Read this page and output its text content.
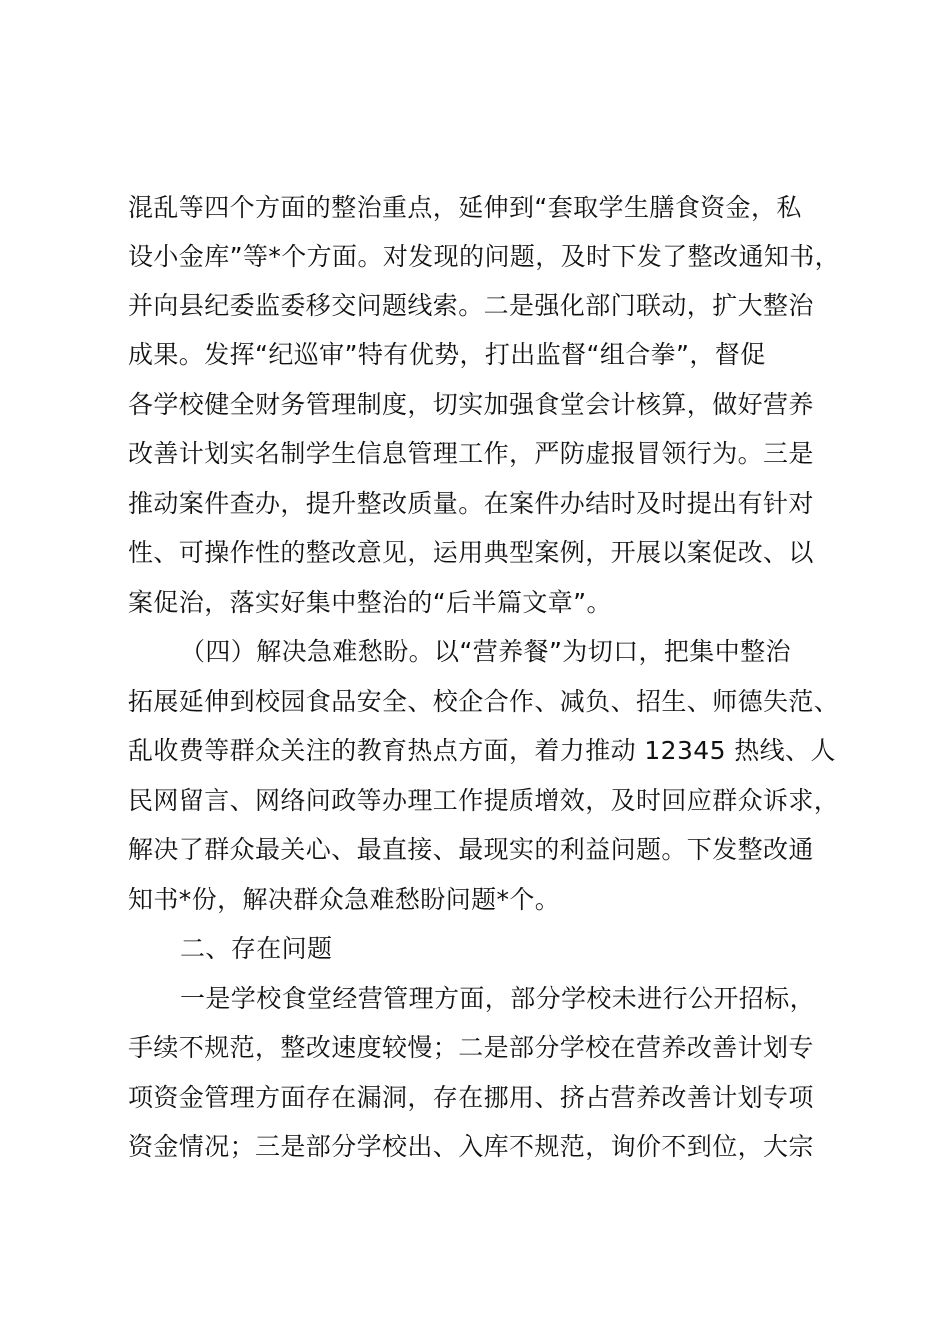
混乱等四个方面的整治重点，延伸到“套取学生膳食资金，私
设小金库”等*个方面。对发现的问题，及时下发了整改通知书，
并向县纪委监委移交问题线索。二是强化部门联动，扩大整治
成果。发挥“纪巡审”特有优势，打出监督“组合拳”，督促
各学校健全财务管理制度，切实加强食堂会计核算，做好营养
改善计划实名制学生信息管理工作，严防虚报冒领行为。三是
推动案件查办，提升整改质量。在案件办结时及时提出有针对
性、可操作性的整改意见，运用典型案例，开展以案促改、以
案促治，落实好集中整治的“后半篇文章”。
（四）解决急难愁盼。以“营养餐”为切口，把集中整治
拓展延伸到校园食品安全、校企合作、减负、招生、师德失范、
乱收费等群众关注的教育热点方面，着力推动 12345 热线、人
民网留言、网络问政等办理工作提质增效，及时回应群众诉求，
解决了群众最关心、最直接、最现实的利益问题。下发整改通
知书*份，解决群众急难愁盼问题*个。
二、存在问题
一是学校食堂经营管理方面，部分学校未进行公开招标，
手续不规范，整改速度较慢；二是部分学校在营养改善计划专
项资金管理方面存在漏洞，存在挪用、挤占营养改善计划专项
资金情况；三是部分学校出、入库不规范，询价不到位，大宗
